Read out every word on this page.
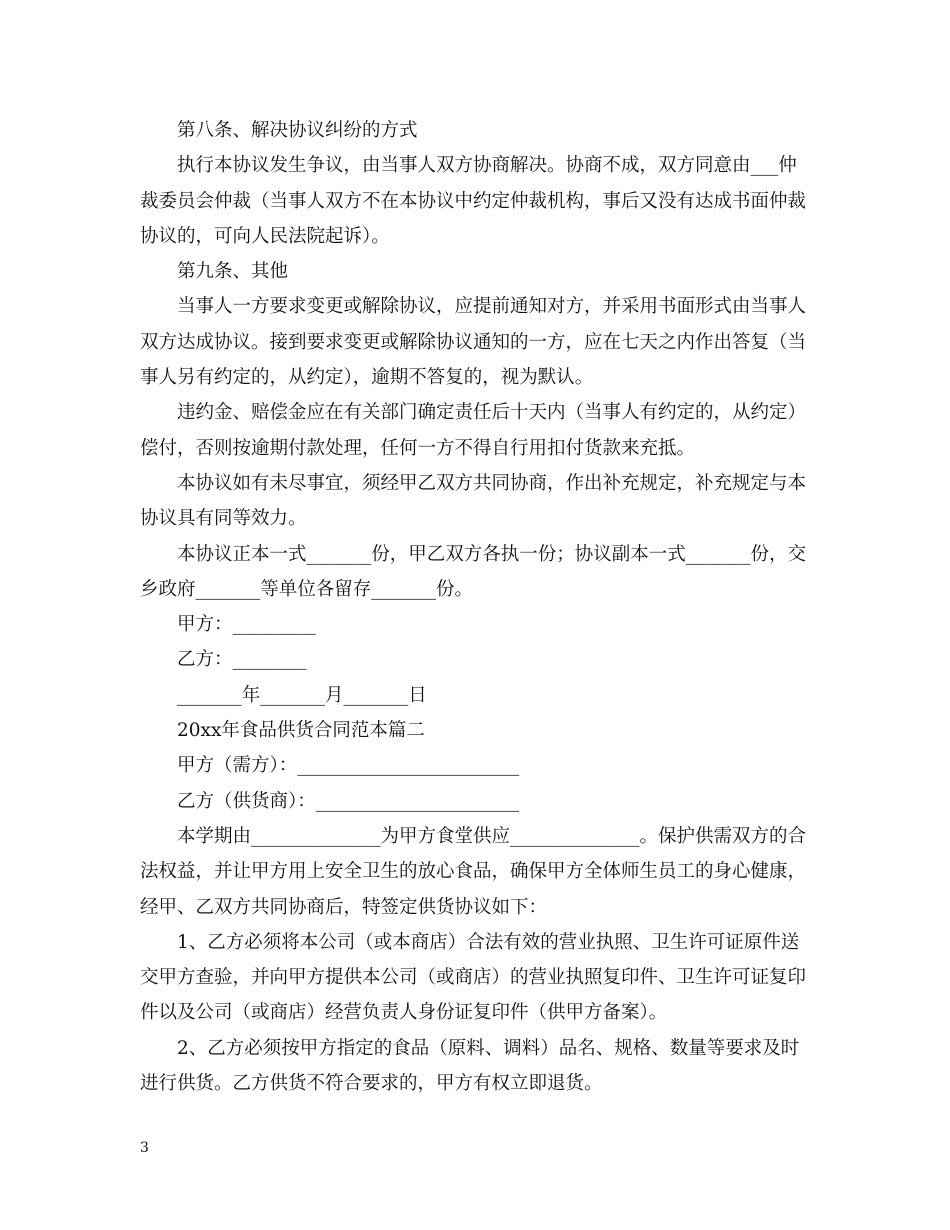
第八条、解决协议纠纷的方式
执行本协议发生争议，由当事人双方协商解决。协商不成，双方同意由___仲
裁委员会仲裁（当事人双方不在本协议中约定仲裁机构，事后又没有达成书面仲裁
协议的，可向人民法院起诉）。
第九条、其他
当事人一方要求变更或解除协议，应提前通知对方，并采用书面形式由当事人
双方达成协议。接到要求变更或解除协议通知的一方，应在七天之内作出答复（当
事人另有约定的，从约定），逾期不答复的，视为默认。
违约金、赔偿金应在有关部门确定责任后十天内（当事人有约定的，从约定）
偿付，否则按逾期付款处理，任何一方不得自行用扣付货款来充抵。
本协议如有未尽事宜，须经甲乙双方共同协商，作出补充规定，补充规定与本
协议具有同等效力。
本协议正本一式_______份，甲乙双方各执一份；协议副本一式_______份，交
乡政府_______等单位各留存_______份。
甲方：_________
乙方：________
_______年_______月_______日
20xx年食品供货合同范本篇二
甲方（需方）：________________________
乙方（供货商）：______________________
本学期由______________为甲方食堂供应______________。保护供需双方的合
法权益，并让甲方用上安全卫生的放心食品，确保甲方全体师生员工的身心健康，
经甲、乙双方共同协商后，特签定供货协议如下：
1、乙方必须将本公司（或本商店）合法有效的营业执照、卫生许可证原件送
交甲方查验，并向甲方提供本公司（或商店）的营业执照复印件、卫生许可证复印
件以及公司（或商店）经营负责人身份证复印件（供甲方备案）。
2、乙方必须按甲方指定的食品（原料、调料）品名、规格、数量等要求及时
进行供货。乙方供货不符合要求的，甲方有权立即退货。
3
